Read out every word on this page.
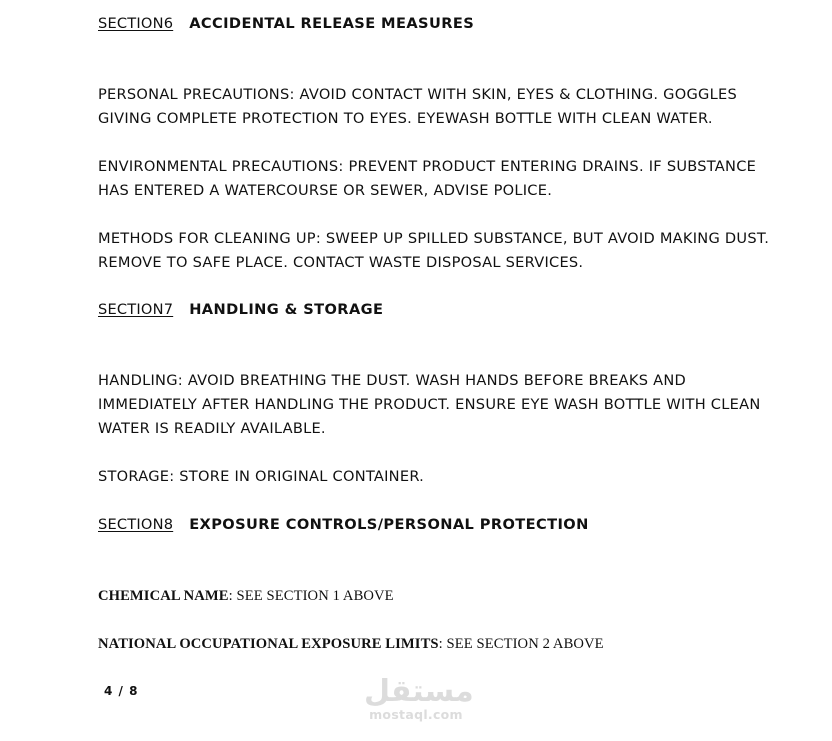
SECTION6 ACCIDENTAL RELEASE MEASURES
PERSONAL PRECAUTIONS: AVOID CONTACT WITH SKIN, EYES & CLOTHING. GOGGLES
GIVING COMPLETE PROTECTION TO EYES. EYEWASH BOTTLE WITH CLEAN WATER.
ENVIRONMENTAL PRECAUTIONS: PREVENT PRODUCT ENTERING DRAINS. IF SUBSTANCE
HAS ENTERED A WATERCOURSE OR SEWER, ADVISE POLICE.
METHODS FOR CLEANING UP: SWEEP UP SPILLED SUBSTANCE, BUT AVOID MAKING DUST.
REMOVE TO SAFE PLACE. CONTACT WASTE DISPOSAL SERVICES.
SECTION7 HANDLING & STORAGE
HANDLING: AVOID BREATHING THE DUST. WASH HANDS BEFORE BREAKS AND
IMMEDIATELY AFTER HANDLING THE PRODUCT. ENSURE EYE WASH BOTTLE WITH CLEAN
WATER IS READILY AVAILABLE.
STORAGE: STORE IN ORIGINAL CONTAINER.
SECTION8 EXPOSURE CONTROLS/PERSONAL PROTECTION
CHEMICAL NAME: SEE SECTION 1 ABOVE
NATIONAL OCCUPATIONAL EXPOSURE LIMITS: SEE SECTION 2 ABOVE
4 / 8	مستقل
mostaql.com
